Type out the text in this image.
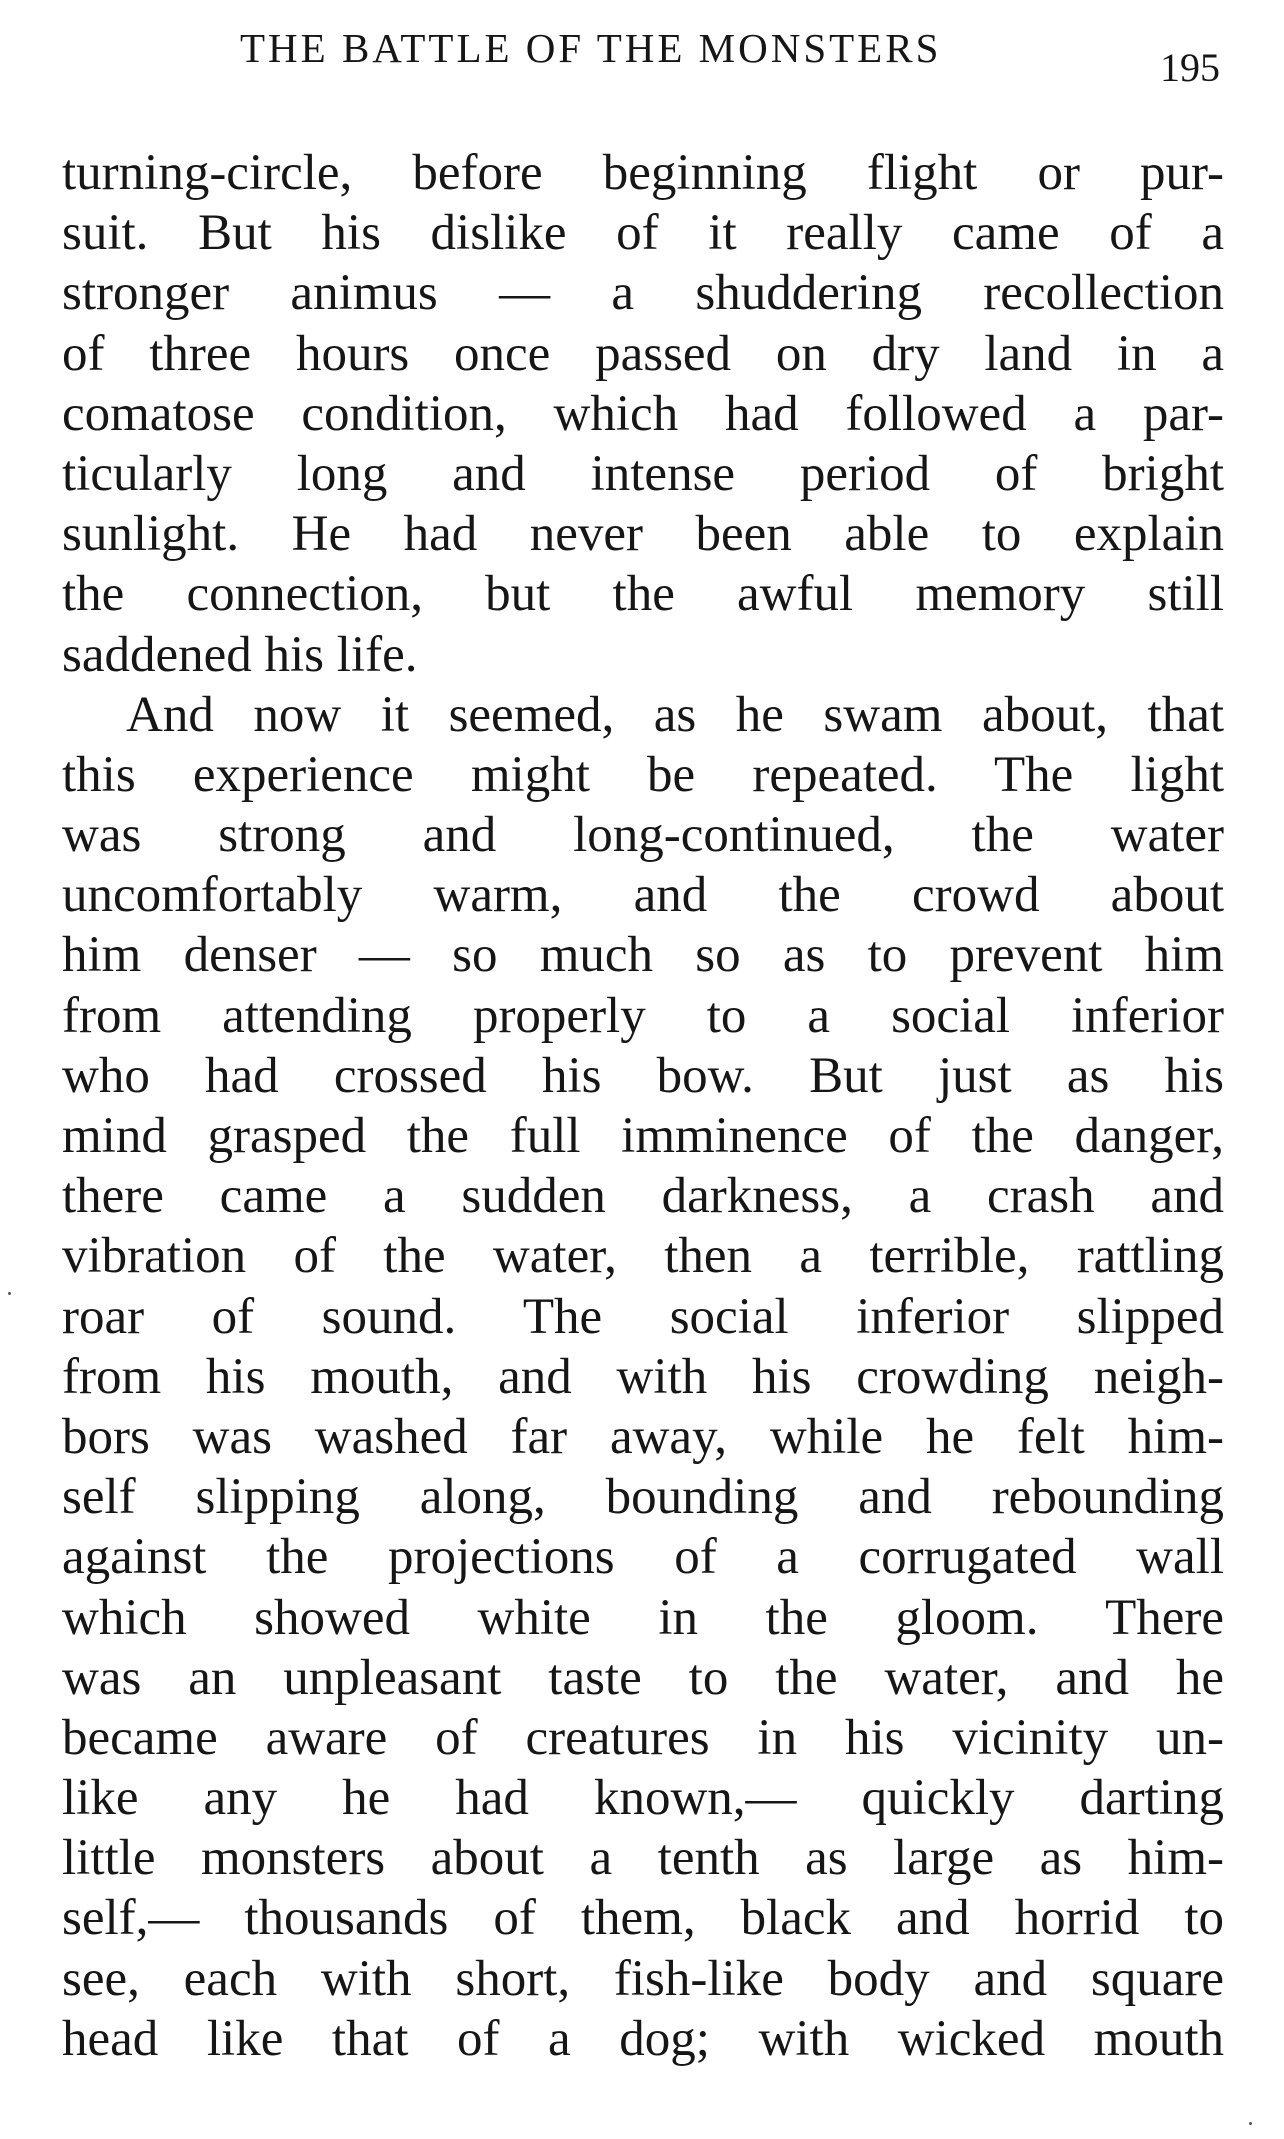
THE BATTLE OF THE MONSTERS	195
turning-circle, before beginning flight or pur-
suit. But his dislike of it really came of a
stronger animus — a shuddering recollection
of three hours once passed on dry land in a
comatose condition, which had followed a par-
ticularly long and intense period of bright
sunlight. He had never been able to explain
the connection, but the awful memory still
saddened his life.
And now it seemed, as he swam about, that
this experience might be repeated. The light
was strong and long-continued, the water
uncomfortably warm, and the crowd about
him denser — so much so as to prevent him
from attending properly to a social inferior
who had crossed his bow. But just as his
mind grasped the full imminence of the danger,
there came a sudden darkness, a crash and
vibration of the water, then a terrible, rattling
roar of sound. The social inferior slipped
from his mouth, and with his crowding neigh-
bors was washed far away, while he felt him-
self slipping along, bounding and rebounding
against the projections of a corrugated wall
which showed white in the gloom. There
was an unpleasant taste to the water, and he
became aware of creatures in his vicinity un-
like any he had known,— quickly darting
little monsters about a tenth as large as him-
self,— thousands of them, black and horrid to
see, each with short, fish-like body and square
head like that of a dog; with wicked mouth
